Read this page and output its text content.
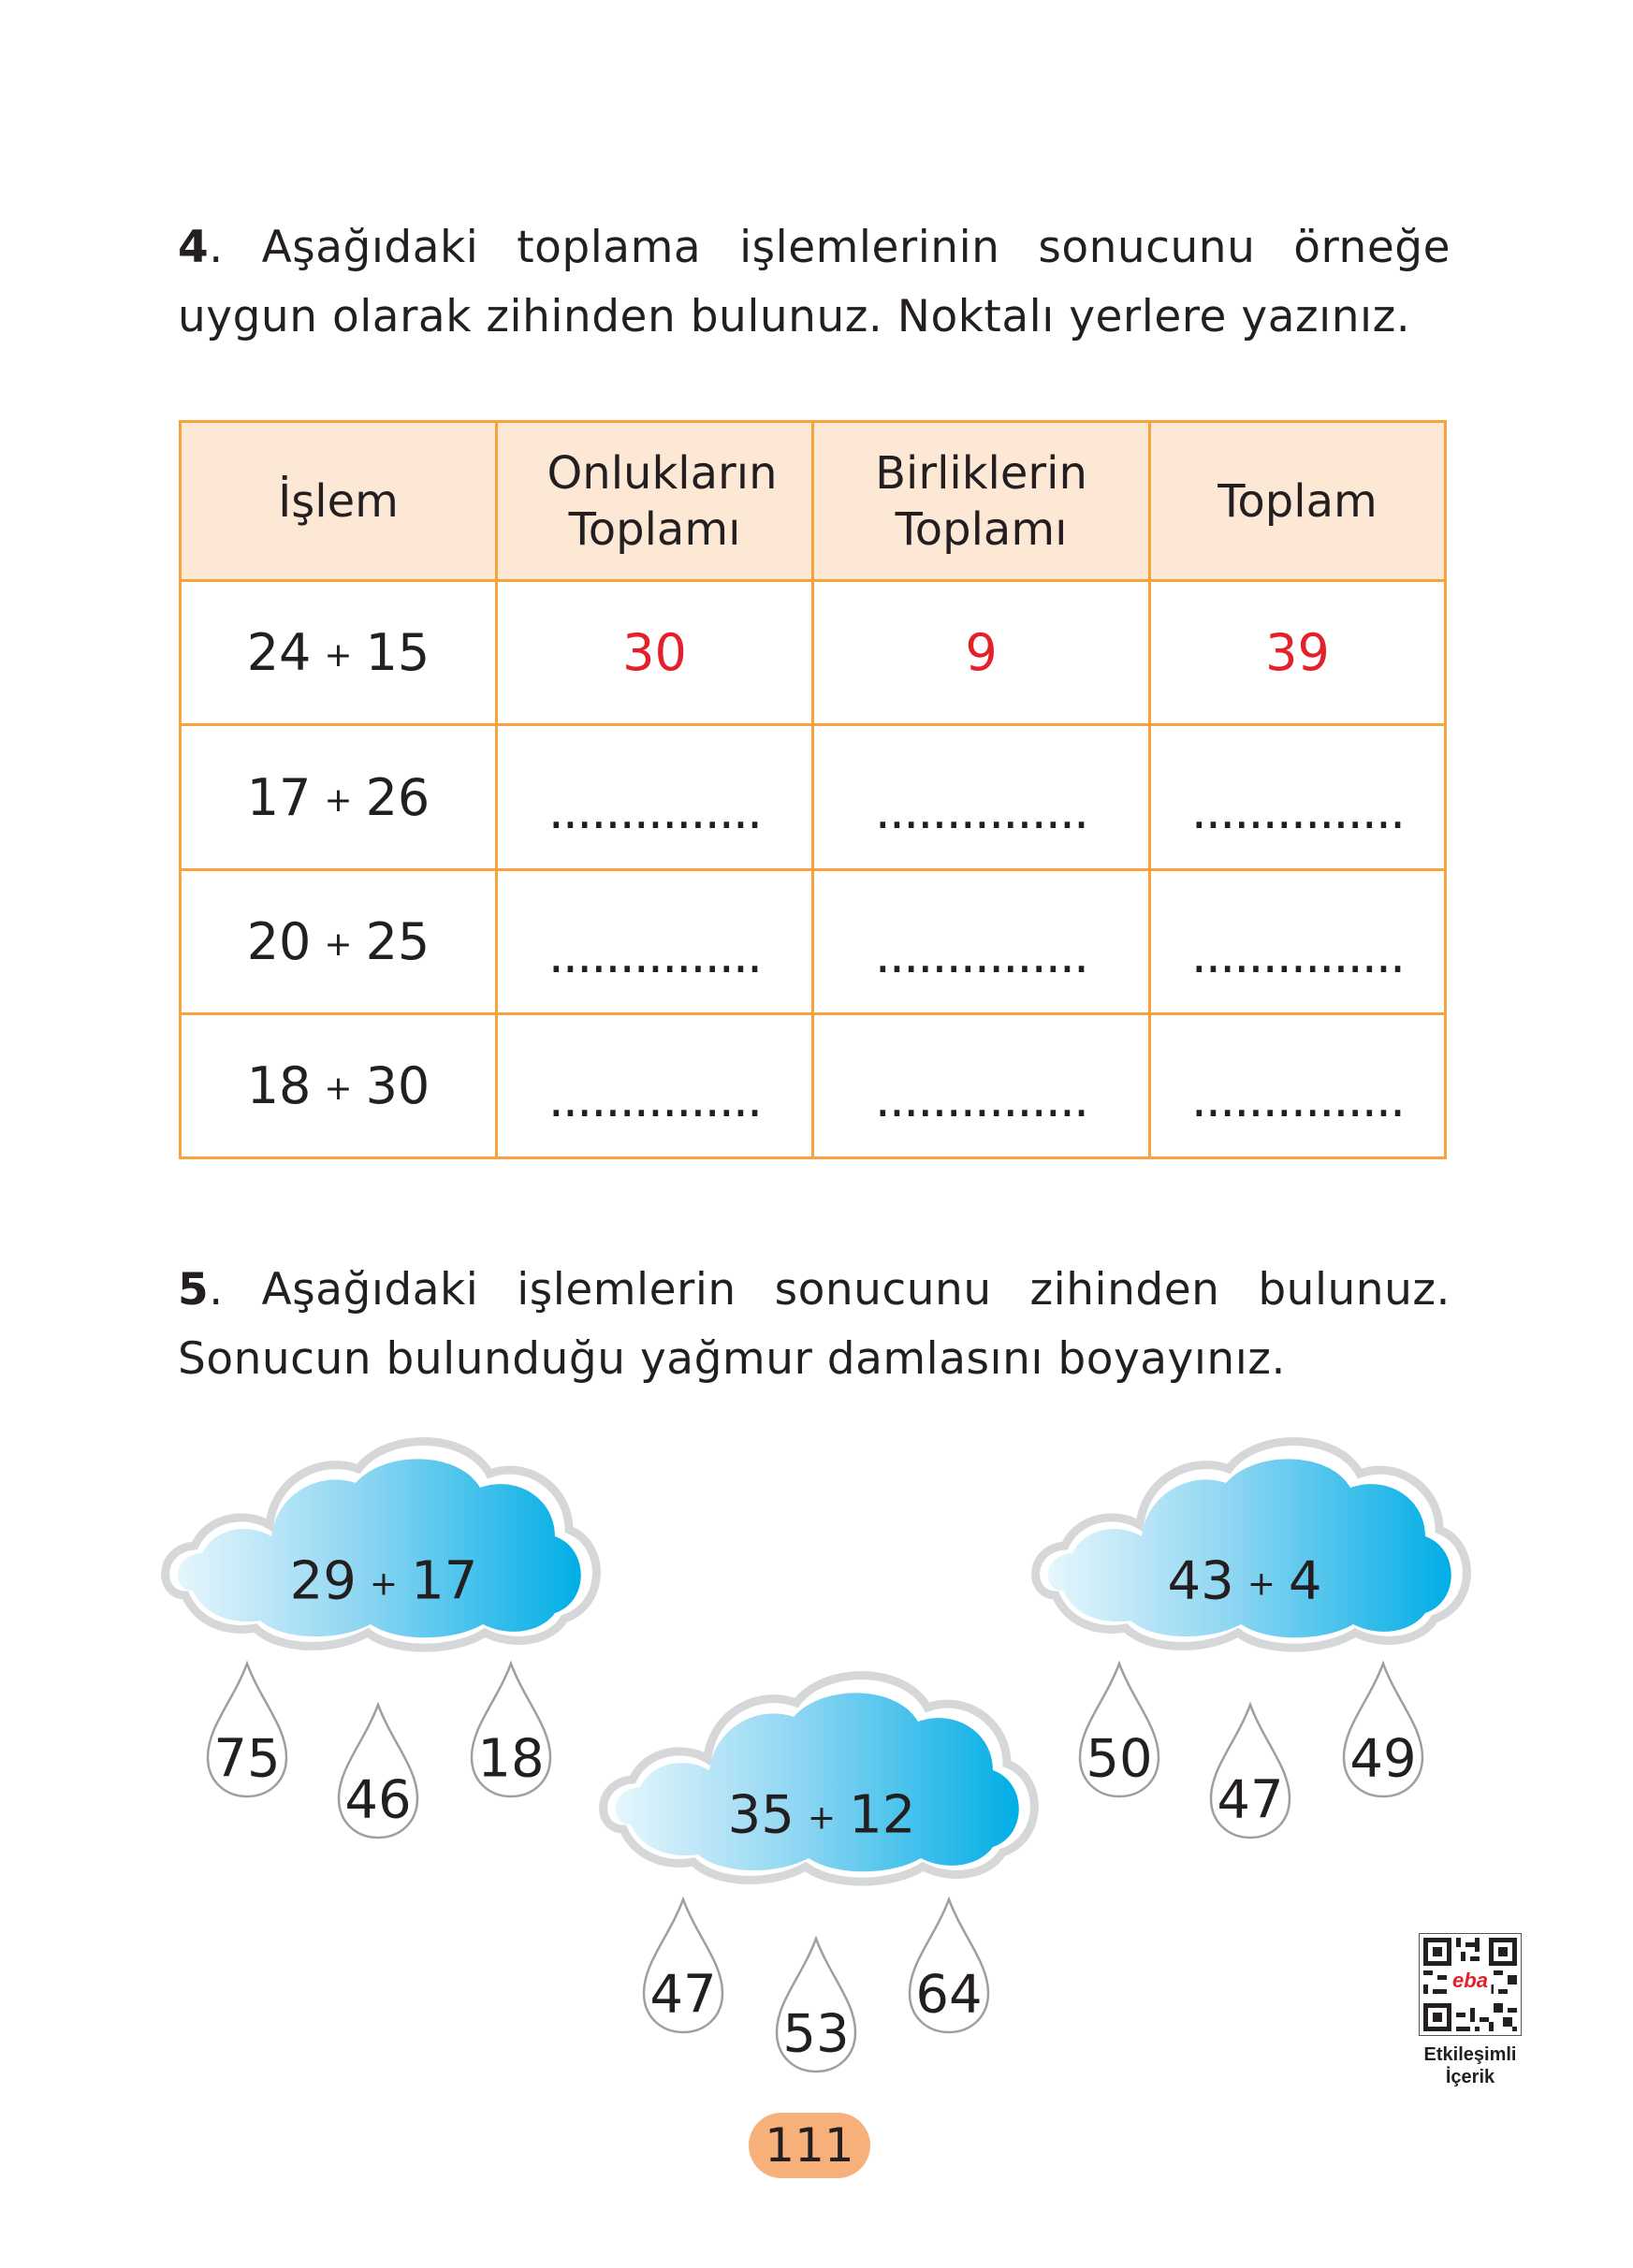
4. Aşağıdaki toplama işlemlerinin sonucunu örneğe uygun olarak zihinden bulunuz. Noktalı yerlere yazınız.
İşlem	Onlukların Toplamı	Birliklerin Toplamı	Toplam
24 + 15	30	9	39
17 + 26	...............	...............	...............
20 + 25	...............	...............	...............
18 + 30	...............	...............	...............
5. Aşağıdaki işlemlerin sonucunu zihinden bulunuz. Sonucun bulunduğu yağmur damlasını boyayınız.
29 + 17
35 + 12
43 + 4
75
46
18
47
53
64
50
47
49
eba
Etkileşimli
İçerik
111
